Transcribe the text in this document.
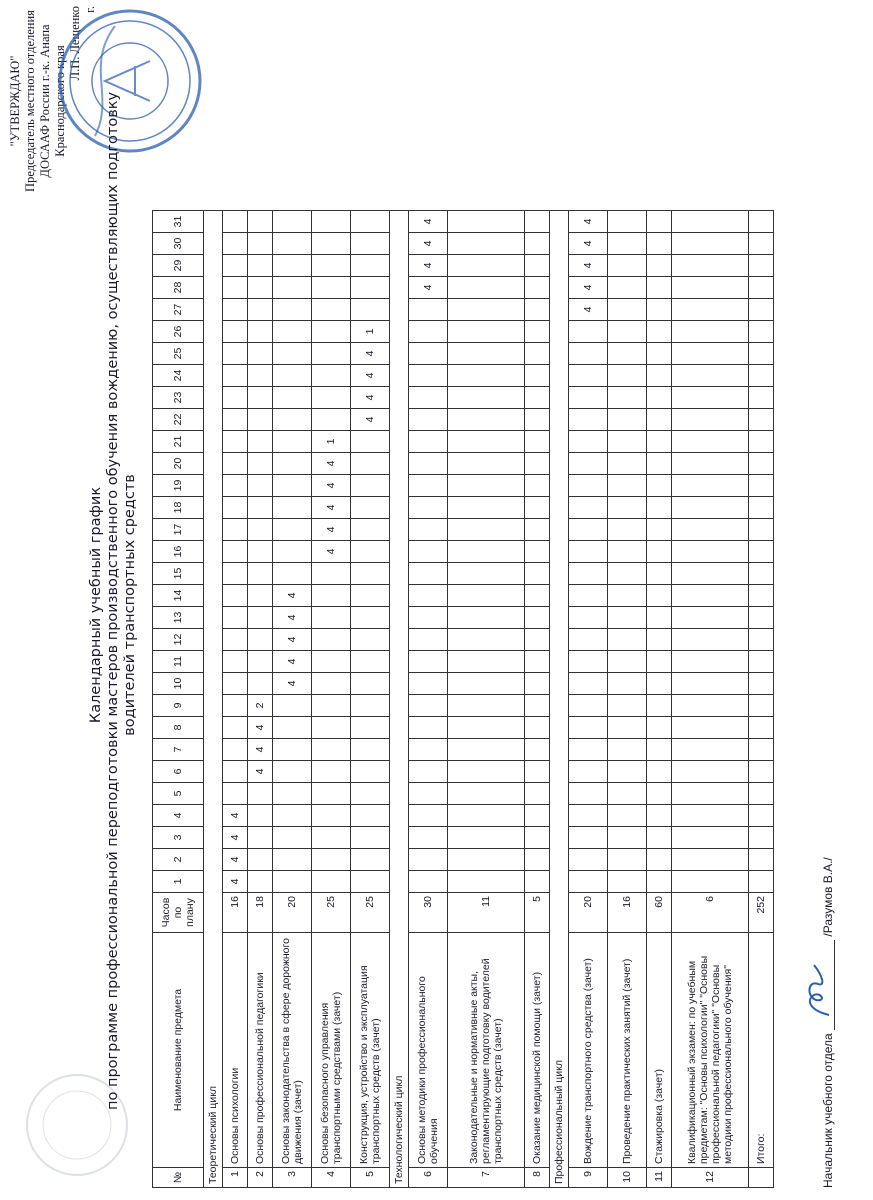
"УТВЕРЖДАЮ" Председатель местного отделения ДОСААФ России г.-к. Анапа Краснодарского края
Л.П. Лещенко г.
Календарный учебный график по программе профессиональной переподготовки мастеров производственного обучения вождению, осуществляющих подготовку водителей транспортных средств
№	Наименование предмета	Часов по плану	1	2	3	4	5	6	7	8	9	10	11	12	13	14	15	16	17	18	19	20	21	22	23	24	25	26	27	28	29	30	31
Теоретический цикл																																	
1	Основы психологии	16	4	4	4	4																											
2	Основы профессиональной педагогики	18						4	4	4	2																						
3	Основы законодательства в сфере дорожного движения (зачет)	20										4	4	4	4	4																	
4	Основы безопасного управления транспортными средствами (зачет)	25																4	4	4	4	4	1										
5	Конструкция, устройство и эксплуатация транспортных средств (зачет)	25																						4	4	4	4	1					
Технологический цикл																																	
6	Основы методики профессионального обучения	30																												4	4	4	4
7	Законодательные и нормативные акты, регламентирующие подготовку водителей транспортных средств (зачет)	11																															
8	Оказание медицинской помощи (зачет)	5																															
Профессиональный цикл																																	
9	Вождение транспортного средства (зачет)	20																											4	4	4	4	4
10	Проведение практических занятий (зачет)	16																															
11	Стажировка (зачет)	60																															
12	Квалификационный экзамен: по учебным предметам: "Основы психологии" "Основы профессиональной педагогики" "Основы методики профессионального обучения"	6																															
	Итого:	252																															
Начальник учебного отдела
/Разумов В.А./
